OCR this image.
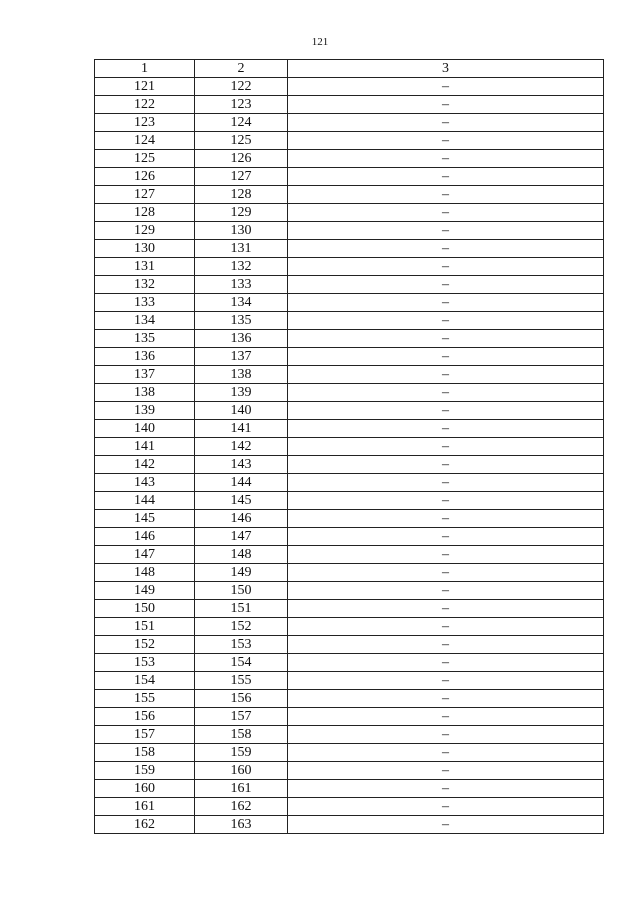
121
1	2	3
121	122	–
122	123	–
123	124	–
124	125	–
125	126	–
126	127	–
127	128	–
128	129	–
129	130	–
130	131	–
131	132	–
132	133	–
133	134	–
134	135	–
135	136	–
136	137	–
137	138	–
138	139	–
139	140	–
140	141	–
141	142	–
142	143	–
143	144	–
144	145	–
145	146	–
146	147	–
147	148	–
148	149	–
149	150	–
150	151	–
151	152	–
152	153	–
153	154	–
154	155	–
155	156	–
156	157	–
157	158	–
158	159	–
159	160	–
160	161	–
161	162	–
162	163	–
